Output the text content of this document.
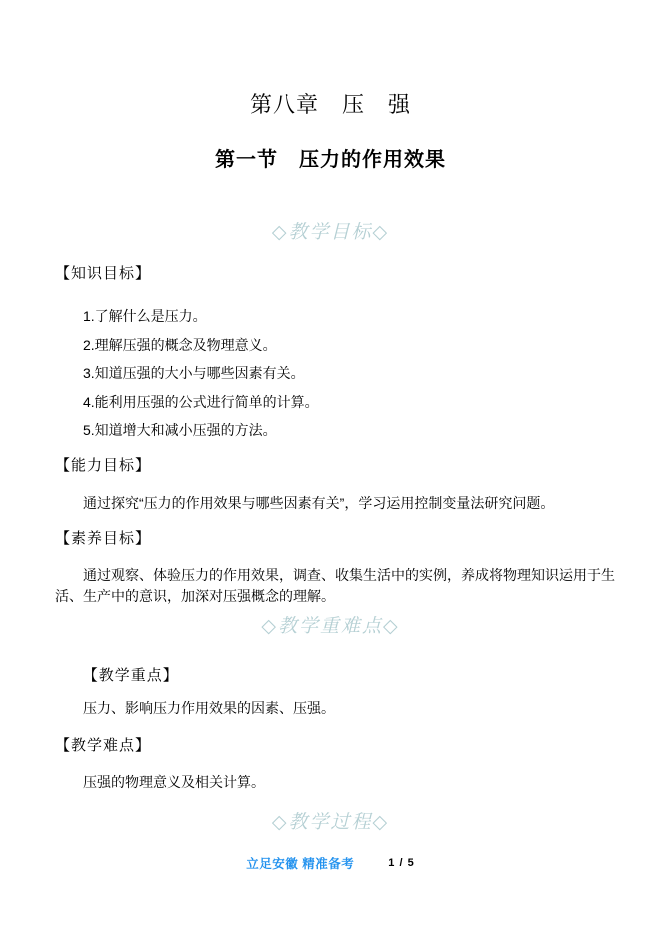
第八章　压　强
第一节　压力的作用效果
◇教学目标◇
【知识目标】
1.了解什么是压力。
2.理解压强的概念及物理意义。
3.知道压强的大小与哪些因素有关。
4.能利用压强的公式进行简单的计算。
5.知道增大和减小压强的方法。
【能力目标】
通过探究“压力的作用效果与哪些因素有关”，学习运用控制变量法研究问题。
【素养目标】
通过观察、体验压力的作用效果，调查、收集生活中的实例，养成将物理知识运用于生活、生产中的意识，加深对压强概念的理解。
◇教学重难点◇
【教学重点】
压力、影响压力作用效果的因素、压强。
【教学难点】
压强的物理意义及相关计算。
◇教学过程◇
立足安徽 精准备考	1 / 5
